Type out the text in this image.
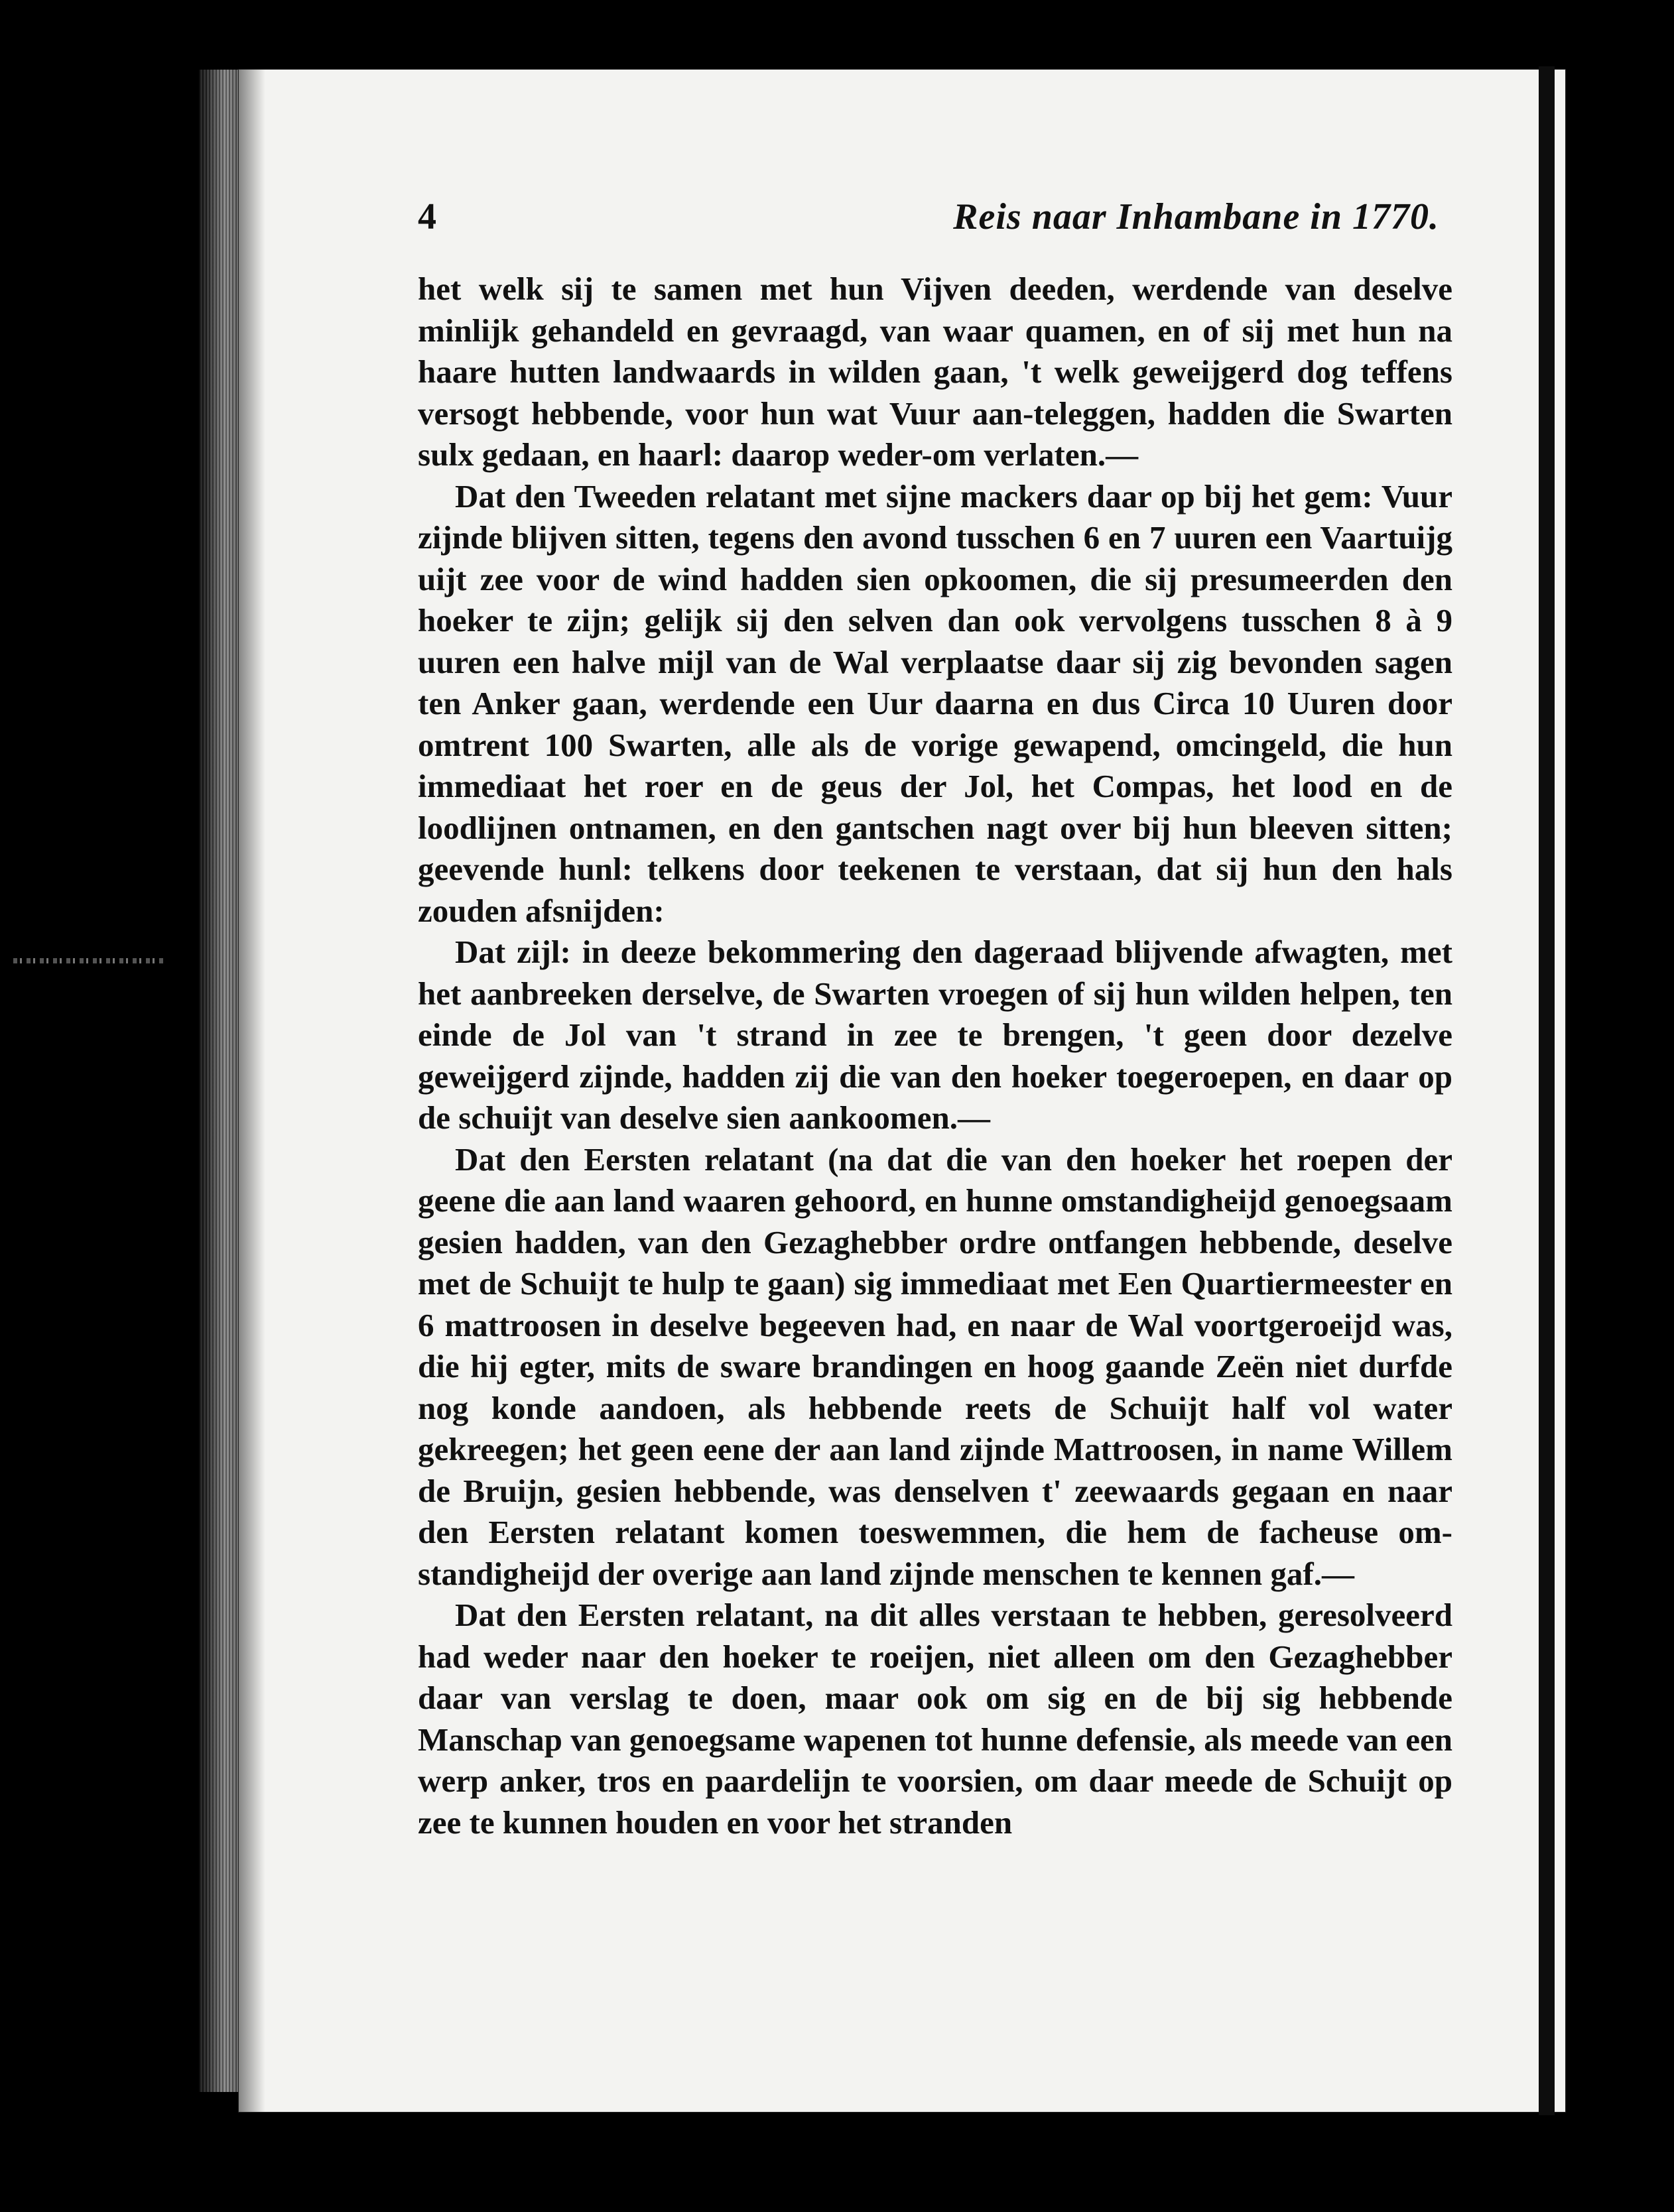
4	Reis naar Inhambane in 1770.

het welk sij te samen met hun Vijven deeden, werdende van deselve minlijk gehandeld en gevraagd, van waar quamen, en of sij met hun na haare hutten landwaards in wilden gaan, 't welk geweijgerd dog teffens versogt hebbende, voor hun wat Vuur aan-teleggen, hadden die Swarten sulx gedaan, en haarl: daarop weder-om verlaten.—

Dat den Tweeden relatant met sijne mackers daar op bij het gem: Vuur zijnde blijven sitten, tegens den avond tusschen 6 en 7 uuren een Vaartuijg uijt zee voor de wind hadden sien opkoomen, die sij presumeerden den hoeker te zijn; gelijk sij den selven dan ook vervolgens tusschen 8 à 9 uuren een halve mijl van de Wal verplaatse daar sij zig bevonden sagen ten Anker gaan, werdende een Uur daarna en dus Circa 10 Uuren door omtrent 100 Swarten, alle als de vorige gewapend, omcingeld, die hun immediaat het roer en de geus der Jol, het Compas, het lood en de loodlijnen ontnamen, en den gantschen nagt over bij hun bleeven sitten; geevende hunl: telkens door teekenen te verstaan, dat sij hun den hals zouden afsnijden:

Dat zijl: in deeze bekommering den dageraad blijvende afwagten, met het aanbreeken derselve, de Swarten vroegen of sij hun wilden helpen, ten einde de Jol van 't strand in zee te brengen, 't geen door dezelve geweijgerd zijnde, hadden zij die van den hoeker toegeroepen, en daar op de schuijt van deselve sien aankoomen.—

Dat den Eersten relatant (na dat die van den hoeker het roepen der geene die aan land waaren gehoord, en hunne omstandigheijd genoegsaam gesien hadden, van den Gezaghebber ordre ontfangen hebbende, deselve met de Schuijt te hulp te gaan) sig immediaat met Een Quartiermeester en 6 mattroosen in deselve begeeven had, en naar de Wal voortgeroeijd was, die hij egter, mits de sware brandingen en hoog gaande Zeën niet durfde nog konde aandoen, als hebbende reets de Schuijt half vol water gekreegen; het geen eene der aan land zijnde Mattroosen, in name Willem de Bruijn, gesien hebbende, was denselven t' zeewaards gegaan en naar den Eersten relatant komen toeswemmen, die hem de facheuse om-standigheijd der overige aan land zijnde menschen te kennen gaf.—

Dat den Eersten relatant, na dit alles verstaan te hebben, geresolveerd had weder naar den hoeker te roeijen, niet alleen om den Gezaghebber daar van verslag te doen, maar ook om sig en de bij sig hebbende Manschap van genoegsame wapenen tot hunne defensie, als meede van een werp anker, tros en paardelijn te voorsien, om daar meede de Schuijt op zee te kunnen houden en voor het stranden
